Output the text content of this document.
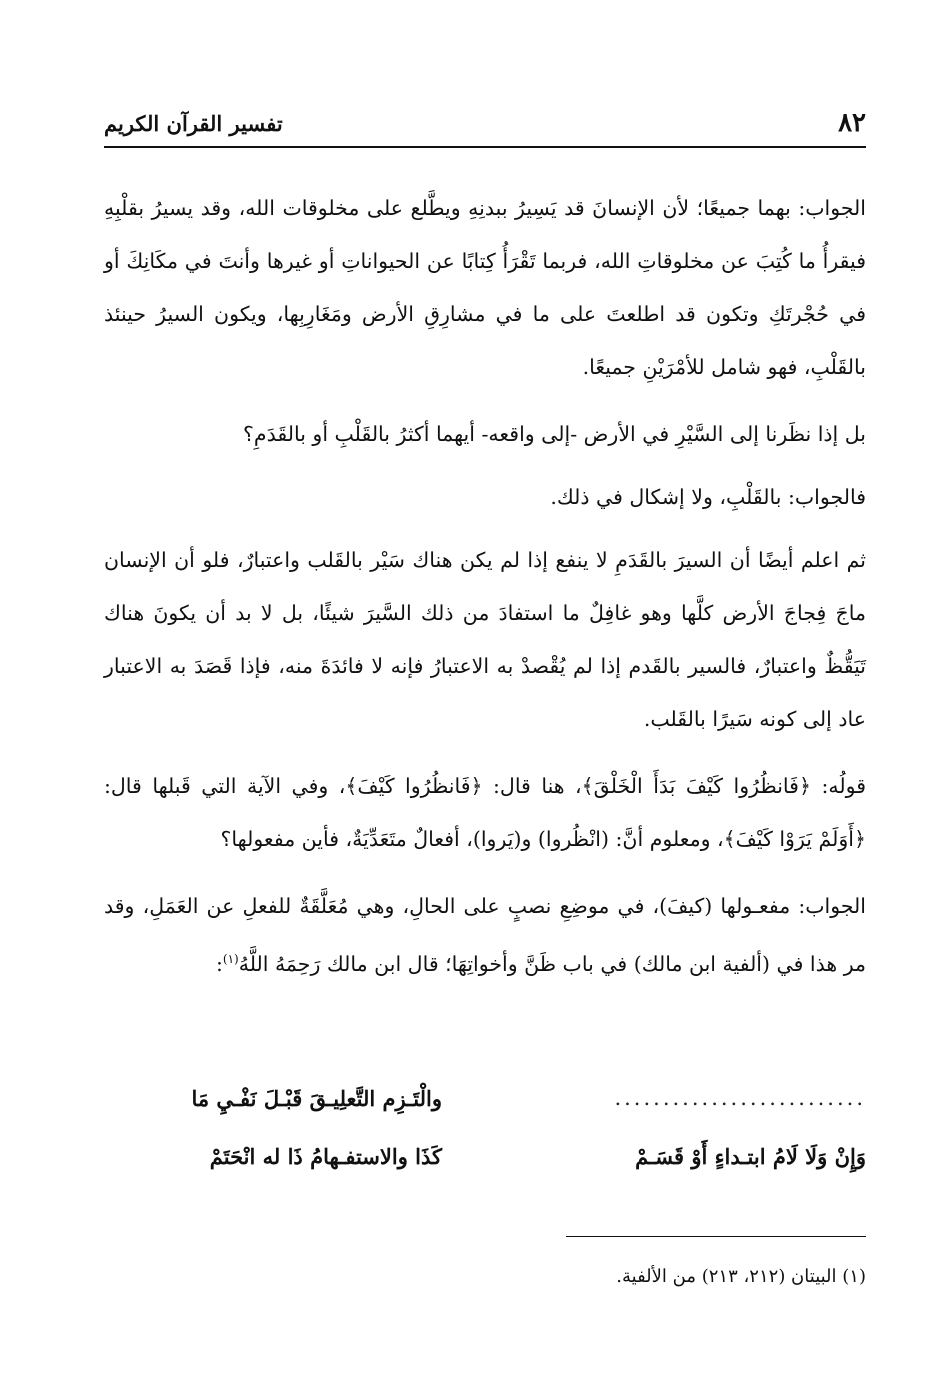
٨٢
تفسير القرآن الكريم

الجواب: بهما جميعًا؛ لأن الإنسانَ قد يَسِيرُ ببدنِهِ ويطَّلع على مخلوقات الله، وقد يسيرُ بقلْبِهِ فيقرأُ ما كُتِبَ عن مخلوقاتِ الله، فربما تَقْرَأُ كِتابًا عن الحيواناتِ أو غيرها وأنتَ في مكَانِكَ أو في حُجْرتَكِ وتكون قد اطلعتَ على ما في مشارِقِ الأرض ومَغَارِبِها، ويكون السيرُ حينئذ بالقَلْبِ، فهو شامل للأمْرَيْنِ جميعًا.

بل إذا نظَرنا إلى السَّيْرِ في الأرض -إلى واقعه- أيهما أكثرُ بالقَلْبِ أو بالقَدَمِ؟

فالجواب: بالقَلْبِ، ولا إشكال في ذلك.

ثم اعلم أيضًا أن السيرَ بالقَدَمِ لا ينفع إذا لم يكن هناك سَيْر بالقَلب واعتبارٌ، فلو أن الإنسان ماجَ فِجاجَ الأرض كلَّها وهو غافِلٌ ما استفادَ من ذلك السَّيرَ شيئًا، بل لا بد أن يكونَ هناك تَيَقُّظٌ واعتبارٌ، فالسير بالقَدم إذا لم يُقْصدْ به الاعتبارُ فإنه لا فائدَةَ منه، فإذا قَصَدَ به الاعتبار عاد إلى كونه سَيرًا بالقَلب.

قولُه: ﴿فَانظُرُوا كَيْفَ بَدَأَ الْخَلْقَ﴾، هنا قال: ﴿فَانظُرُوا كَيْفَ﴾، وفي الآية التي قَبلها قال: ﴿أَوَلَمْ يَرَوْا كَيْفَ﴾، ومعلوم أنَّ: (انْظُروا) و(يَروا)، أفعالٌ متَعَدِّيَةٌ، فأين مفعولها؟

الجواب: مفعـولها (كيفَ)، في موضِعِ نصبٍ على الحالِ، وهي مُعَلَّقَةٌ للفعلِ عن العَمَلِ، وقد مر هذا في (ألفية ابن مالك) في باب ظَنَّ وأخواتِهَا؛ قال ابن مالك رَحِمَهُ اللَّهُ$^{(١)}$:

..........................
والْتَـزِم التَّعلِيـقَ قَبْـلَ نَفْـيِ مَا
وَإِنْ وَلَا لَامُ ابتـداءٍ أَوْ قَسَـمْ
كَذَا والاستفـهامُ ذَا له انْحَتَمْ
(١) البيتان (٢١٢، ٢١٣) من الألفية.
